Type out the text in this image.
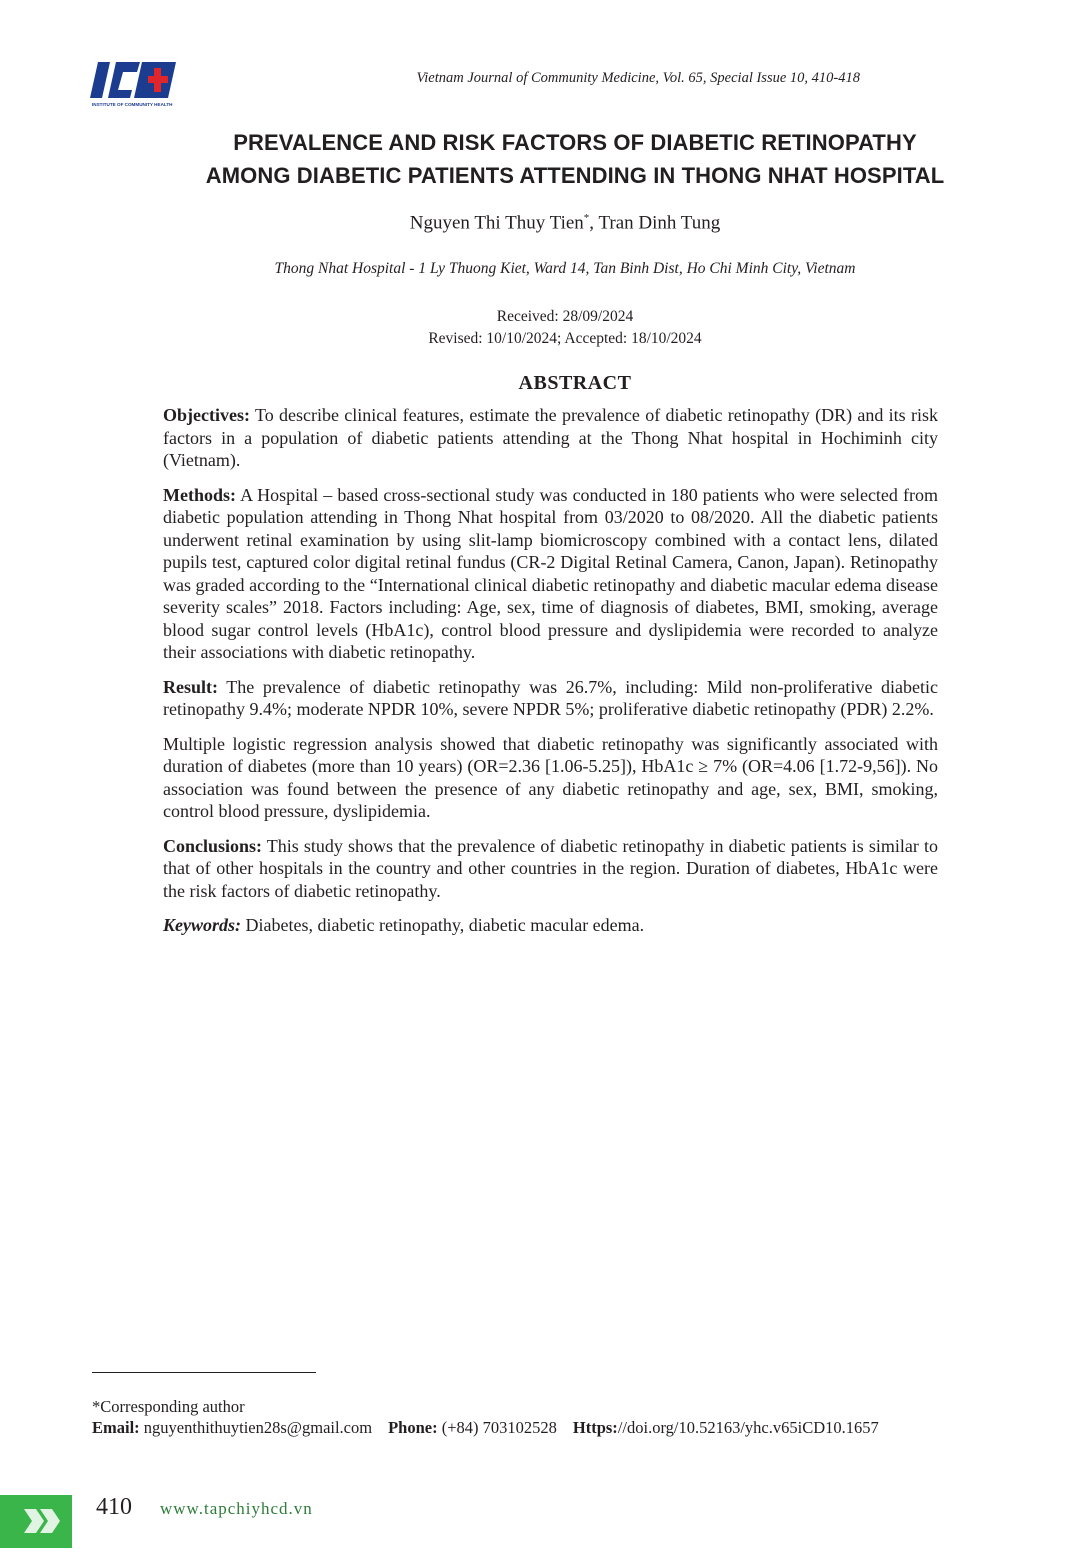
INSTITUTE OF COMMUNITY HEALTH
Vietnam Journal of Community Medicine, Vol. 65, Special Issue 10, 410-418
PREVALENCE AND RISK FACTORS OF DIABETIC RETINOPATHY
AMONG DIABETIC PATIENTS ATTENDING IN THONG NHAT HOSPITAL
Nguyen Thi Thuy Tien*, Tran Dinh Tung
Thong Nhat Hospital - 1 Ly Thuong Kiet, Ward 14, Tan Binh Dist, Ho Chi Minh City, Vietnam
Received: 28/09/2024
Revised: 10/10/2024; Accepted: 18/10/2024
ABSTRACT

Objectives: To describe clinical features, estimate the prevalence of diabetic retinopathy (DR) and its risk factors in a population of diabetic patients attending at the Thong Nhat hospital in Hochiminh city (Vietnam).

Methods: A Hospital – based cross-sectional study was conducted in 180 patients who were selected from diabetic population attending in Thong Nhat hospital from 03/2020 to 08/2020. All the diabetic patients underwent retinal examination by using slit-lamp biomicroscopy combined with a contact lens, dilated pupils test, captured color digital retinal fundus (CR-2 Digital Retinal Camera, Canon, Japan). Retinopathy was graded according to the “International clinical diabetic retinopathy and diabetic macular edema disease severity scales” 2018. Factors including: Age, sex, time of diagnosis of diabetes, BMI, smoking, average blood sugar control levels (HbA1c), control blood pressure and dyslipidemia were recorded to analyze their associations with diabetic retinopathy.

Result: The prevalence of diabetic retinopathy was 26.7%, including: Mild non-proliferative diabetic retinopathy 9.4%; moderate NPDR 10%, severe NPDR 5%; proliferative diabetic retinopathy (PDR) 2.2%.

Multiple logistic regression analysis showed that diabetic retinopathy was significantly associated with duration of diabetes (more than 10 years) (OR=2.36 [1.06-5.25]), HbA1c ≥ 7% (OR=4.06 [1.72-9,56]). No association was found between the presence of any diabetic retinopathy and age, sex, BMI, smoking, control blood pressure, dyslipidemia.

Conclusions: This study shows that the prevalence of diabetic retinopathy in diabetic patients is similar to that of other hospitals in the country and other countries in the region. Duration of diabetes, HbA1c were the risk factors of diabetic retinopathy.

Keywords: Diabetes, diabetic retinopathy, diabetic macular edema.

*Corresponding author
Email: nguyenthithuytien28s@gmail.com Phone: (+84) 703102528 Https://doi.org/10.52163/yhc.v65iCD10.1657
410 www.tapchiyhcd.vn
